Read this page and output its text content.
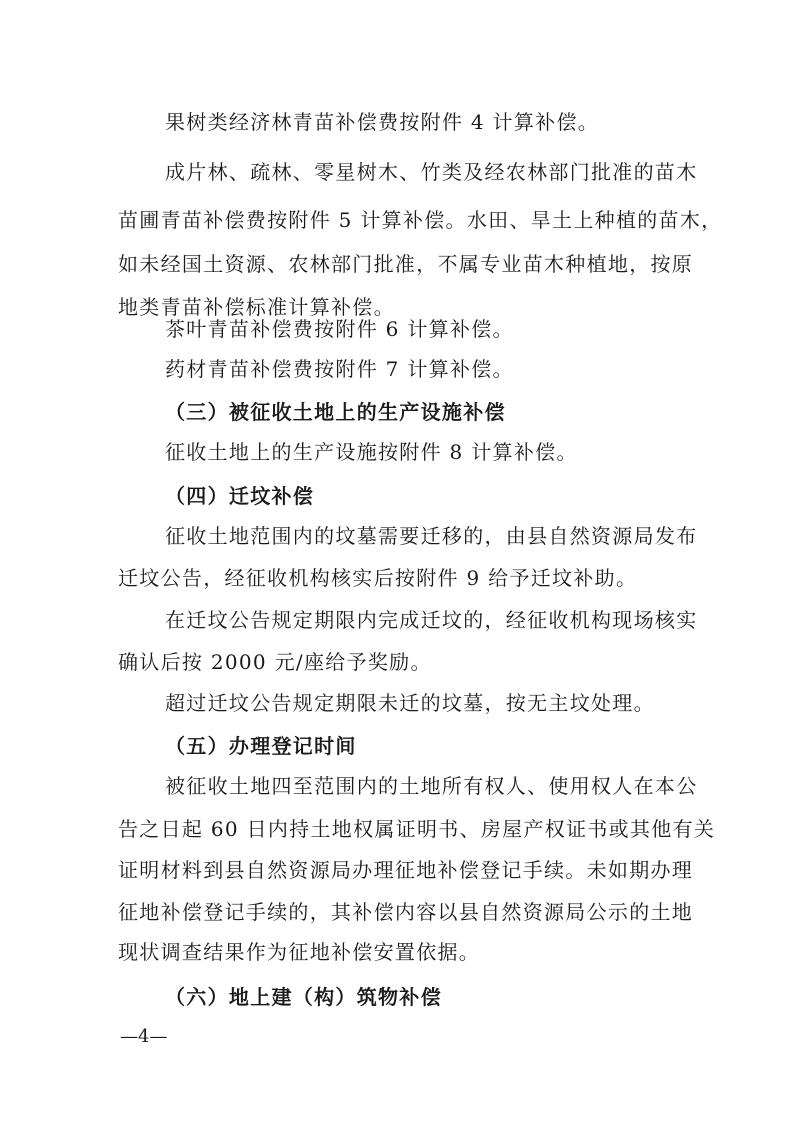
果树类经济林青苗补偿费按附件 4 计算补偿。
成片林、疏林、零星树木、竹类及经农林部门批准的苗木
苗圃青苗补偿费按附件 5 计算补偿。水田、旱土上种植的苗木，
如未经国土资源、农林部门批准，不属专业苗木种植地，按原
地类青苗补偿标准计算补偿。
茶叶青苗补偿费按附件 6 计算补偿。
药材青苗补偿费按附件 7 计算补偿。
（三）被征收土地上的生产设施补偿
征收土地上的生产设施按附件 8 计算补偿。
（四）迁坟补偿
征收土地范围内的坟墓需要迁移的，由县自然资源局发布
迁坟公告，经征收机构核实后按附件 9 给予迁坟补助。
在迁坟公告规定期限内完成迁坟的，经征收机构现场核实
确认后按 2000 元/座给予奖励。
超过迁坟公告规定期限未迁的坟墓，按无主坟处理。
（五）办理登记时间
被征收土地四至范围内的土地所有权人、使用权人在本公
告之日起 60 日内持土地权属证明书、房屋产权证书或其他有关
证明材料到县自然资源局办理征地补偿登记手续。未如期办理
征地补偿登记手续的，其补偿内容以县自然资源局公示的土地
现状调查结果作为征地补偿安置依据。
（六）地上建（构）筑物补偿
—4—
